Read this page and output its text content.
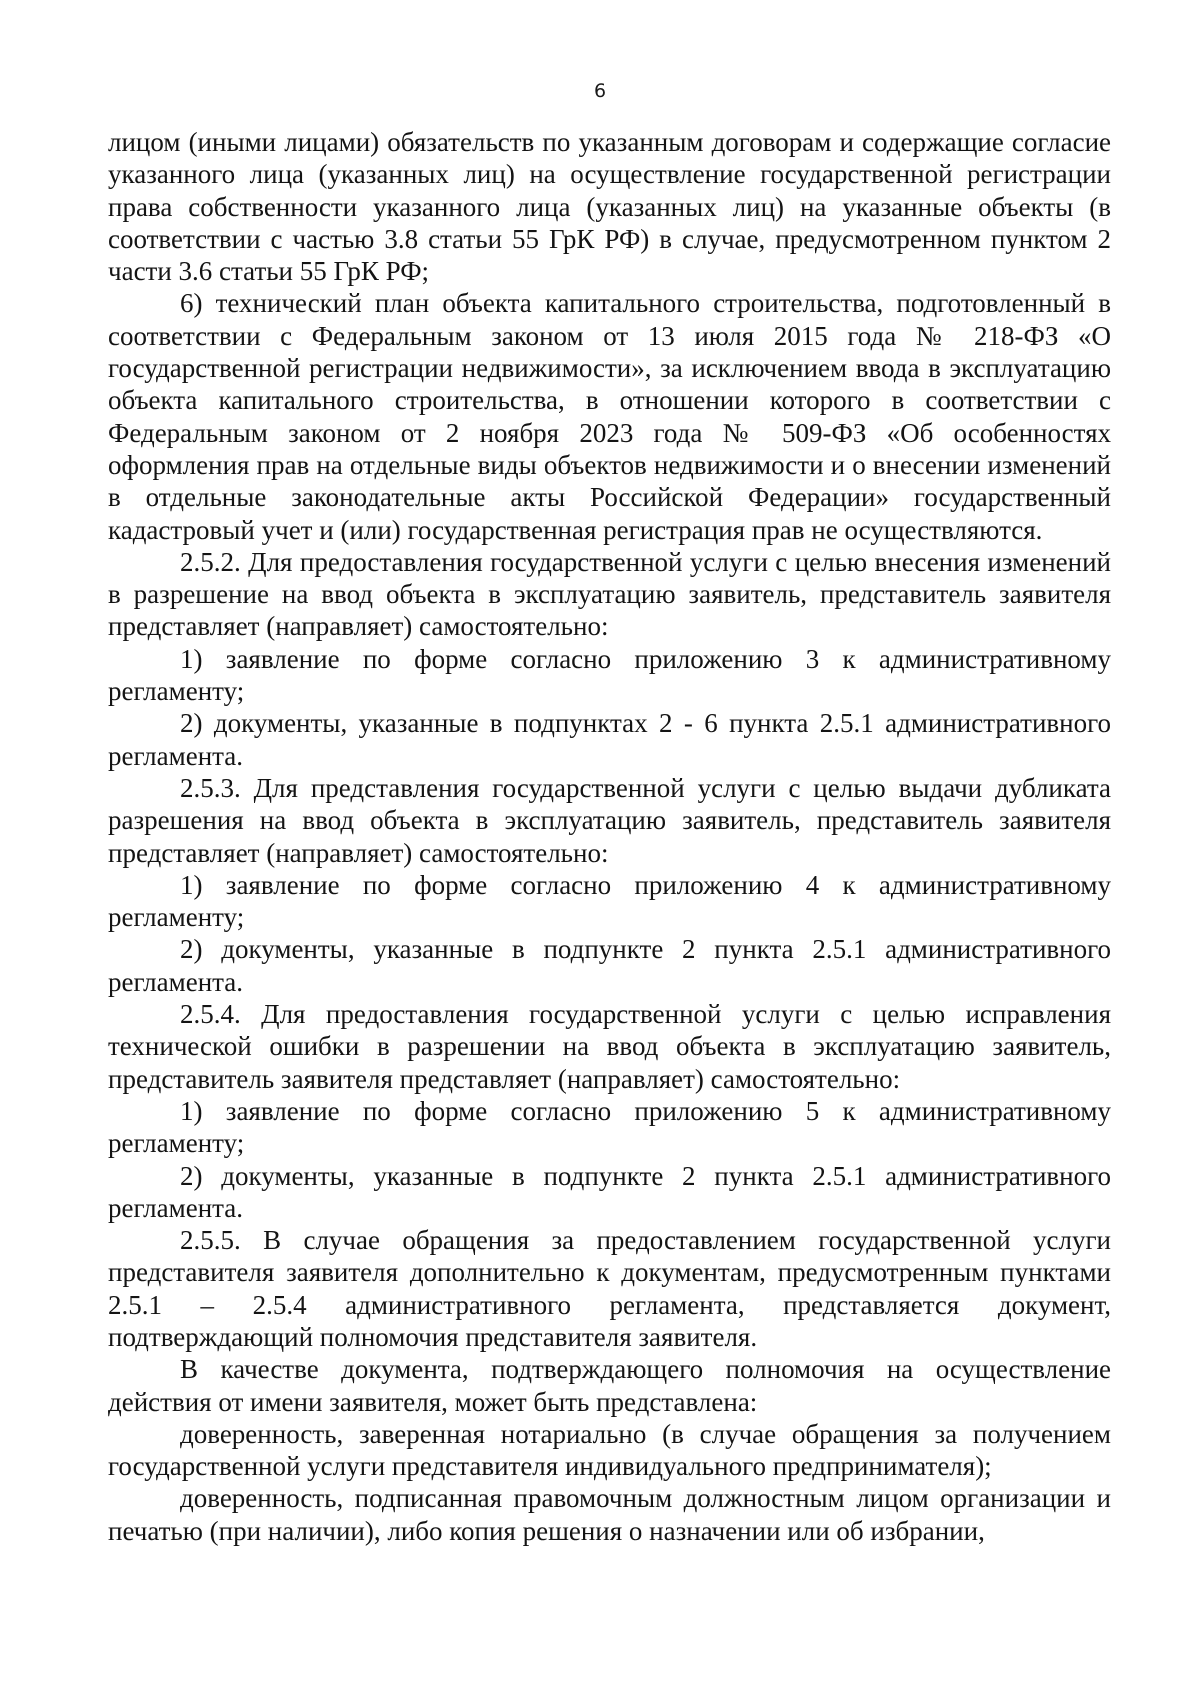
6

лицом (иными лицами) обязательств по указанным договорам и содержащие согласие указанного лица (указанных лиц) на осуществление государственной регистрации права собственности указанного лица (указанных лиц) на указанные объекты (в соответствии с частью 3.8 статьи 55 ГрК РФ) в случае, предусмотренном пунктом 2 части 3.6 статьи 55 ГрК РФ;

6) технический план объекта капитального строительства, подготовленный в соответствии с Федеральным законом от 13 июля 2015 года № 218-ФЗ «О государственной регистрации недвижимости», за исключением ввода в эксплуатацию объекта капитального строительства, в отношении которого в соответствии с Федеральным законом от 2 ноября 2023 года № 509-ФЗ «Об особенностях оформления прав на отдельные виды объектов недвижимости и о внесении изменений в отдельные законодательные акты Российской Федерации» государственный кадастровый учет и (или) государственная регистрация прав не осуществляются.

2.5.2. Для предоставления государственной услуги с целью внесения изменений в разрешение на ввод объекта в эксплуатацию заявитель, представитель заявителя представляет (направляет) самостоятельно:

1) заявление по форме согласно приложению 3 к административному регламенту;

2) документы, указанные в подпунктах 2 - 6 пункта 2.5.1 административного регламента.

2.5.3. Для представления государственной услуги с целью выдачи дубликата разрешения на ввод объекта в эксплуатацию заявитель, представитель заявителя представляет (направляет) самостоятельно:

1) заявление по форме согласно приложению 4 к административному регламенту;

2) документы, указанные в подпункте 2 пункта 2.5.1 административного регламента.

2.5.4. Для предоставления государственной услуги с целью исправления технической ошибки в разрешении на ввод объекта в эксплуатацию заявитель, представитель заявителя представляет (направляет) самостоятельно:

1) заявление по форме согласно приложению 5 к административному регламенту;

2) документы, указанные в подпункте 2 пункта 2.5.1 административного регламента.

2.5.5. В случае обращения за предоставлением государственной услуги представителя заявителя дополнительно к документам, предусмотренным пунктами 2.5.1 – 2.5.4 административного регламента, представляется документ, подтверждающий полномочия представителя заявителя.

В качестве документа, подтверждающего полномочия на осуществление действия от имени заявителя, может быть представлена:

доверенность, заверенная нотариально (в случае обращения за получением государственной услуги представителя индивидуального предпринимателя);

доверенность, подписанная правомочным должностным лицом организации и печатью (при наличии), либо копия решения о назначении или об избрании,
